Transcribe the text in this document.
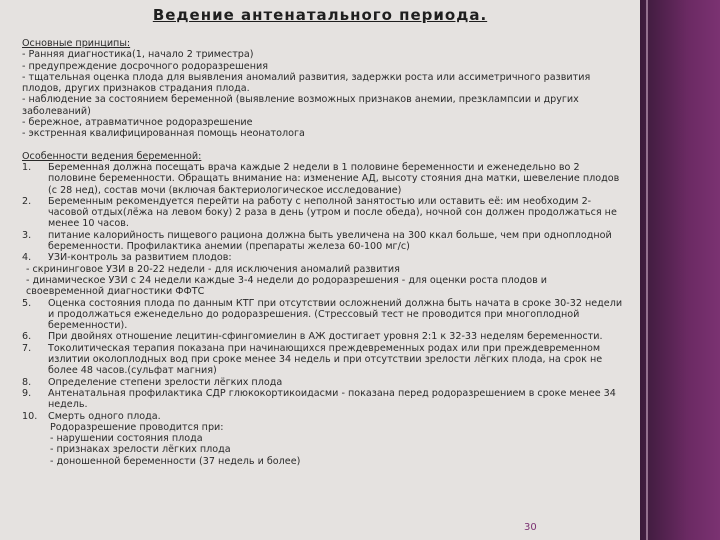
Ведение антенатального периода.

Основные принципы:

- Ранняя диагностика(1, начало 2 триместра)

- предупреждение досрочного родоразрешения

- тщательная оценка плода для выявления аномалий развития, задержки роста или ассиметричного развития плодов, других признаков страдания плода.

- наблюдение за состоянием беременной (выявление возможных признаков анемии, презклампсии и других заболеваний)

- бережное, атравматичное родоразрешение

- экстренная квалифицированная помощь неонатолога

Особенности ведения беременной:

1.	Беременная должна посещать врача каждые 2 недели в 1 половине беременности и еженедельно во 2 половине беременности. Обращать внимание на: изменение АД, высоту стояния дна матки, шевеление плодов (с 28 нед), состав мочи (включая бактериологическое исследование)
2.	Беременным рекомендуется перейти на работу с неполной занятостью или оставить её: им необходим 2-часовой отдых(лёжа на левом боку) 2 раза в день (утром и после обеда), ночной сон должен продолжаться не менее 10 часов.
3.	питание калорийность пищевого рациона должна быть увеличена на 300 ккал больше, чем при одноплодной беременности. Профилактика анемии (препараты железа 60-100 мг/с)
4.	УЗИ-контроль за развитием плодов:

- скрининговое УЗИ в 20-22 недели - для исключения аномалий развития

- динамическое УЗИ с 24 недели каждые 3-4 недели до родоразрешения - для оценки роста плодов и своевременной диагностики ФФТС

5.	Оценка состояния плода по данным КТГ при отсутствии осложнений должна быть начата в сроке 30-32 недели и продолжаться еженедельно до родоразрешения. (Стрессовый тест не проводится при многоплодной беременности).
6.	При двойнях отношение лецитин-сфингомиелин в АЖ достигает уровня 2:1 к 32-33 неделям беременности.
7.	Токолитическая терапия показана при начинающихся преждевременных родах или при преждевременном излитии околоплодных вод при сроке менее 34 недель и при отсутствии зрелости лёгких плода, на срок не более 48 часов.(сульфат магния)
8.	Определение степени зрелости лёгких плода
9.	Антенатальная профилактика СДР глюкокортикоидасми - показана перед родоразрешением в сроке менее 34 недель.
10.	Смерть одного плода.

Родоразрешение проводится при:

- нарушении состояния плода

- признаках зрелости лёгких плода

- доношенной беременности (37 недель и более)

30
